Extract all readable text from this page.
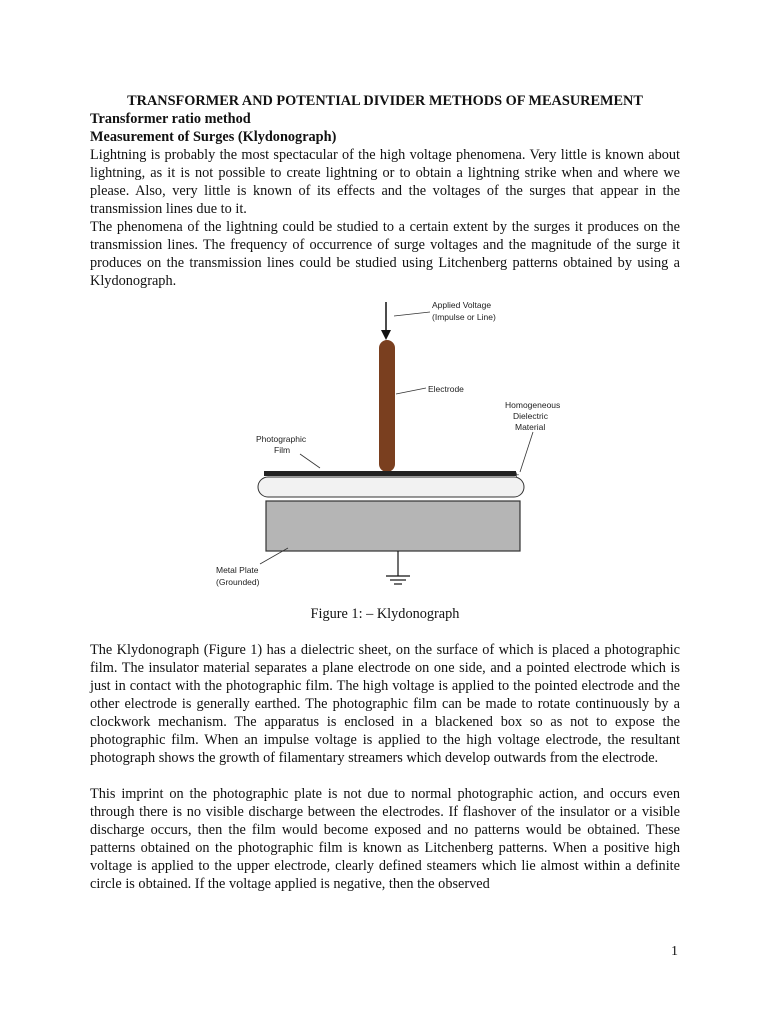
TRANSFORMER AND POTENTIAL DIVIDER METHODS OF MEASUREMENT

Transformer ratio method

Measurement of Surges (Klydonograph)

Lightning is probably the most spectacular of the high voltage phenomena. Very little is known about lightning, as it is not possible to create lightning or to obtain a lightning strike when and where we please. Also, very little is known of its effects and the voltages of the surges that appear in the transmission lines due to it.

The phenomena of the lightning could be studied to a certain extent by the surges it produces on the transmission lines. The frequency of occurrence of surge voltages and the magnitude of the surge it produces on the transmission lines could be studied using Litchenberg patterns obtained by using a Klydonograph.

Applied Voltage
(Impulse or Line)
Electrode
Homogeneous
Dielectric
Material
Photographic
Film
Metal Plate
(Grounded)
+

Figure 1: – Klydonograph

The Klydonograph (Figure 1) has a dielectric sheet, on the surface of which is placed a photographic film. The insulator material separates a plane electrode on one side, and a pointed electrode which is just in contact with the photographic film. The high voltage is applied to the pointed electrode and the other electrode is generally earthed. The photographic film can be made to rotate continuously by a clockwork mechanism. The apparatus is enclosed in a blackened box so as not to expose the photographic film. When an impulse voltage is applied to the high voltage electrode, the resultant photograph shows the growth of filamentary streamers which develop outwards from the electrode.

This imprint on the photographic plate is not due to normal photographic action, and occurs even through there is no visible discharge between the electrodes. If flashover of the insulator or a visible discharge occurs, then the film would become exposed and no patterns would be obtained. These patterns obtained on the photographic film is known as Litchenberg patterns. When a positive high voltage is applied to the upper electrode, clearly defined steamers which lie almost within a definite circle is obtained. If the voltage applied is negative, then the observed

1
